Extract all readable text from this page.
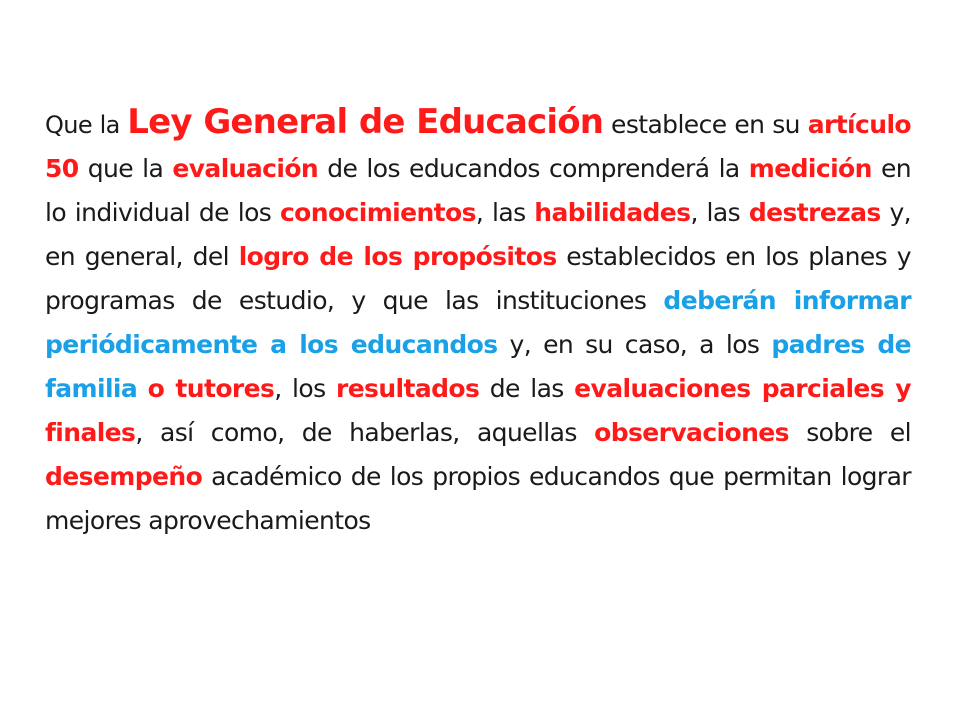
Que la Ley General de Educación establece en su artículo 50 que la evaluación de los educandos comprenderá la medición en lo individual de los conocimientos, las habilidades, las destrezas y, en general, del logro de los propósitos establecidos en los planes y programas de estudio, y que las instituciones deberán informar periódicamente a los educandos y, en su caso, a los padres de familia o tutores, los resultados de las evaluaciones parciales y finales, así como, de haberlas, aquellas observaciones sobre el desempeño académico de los propios educandos que permitan lograr mejores aprovechamientos
